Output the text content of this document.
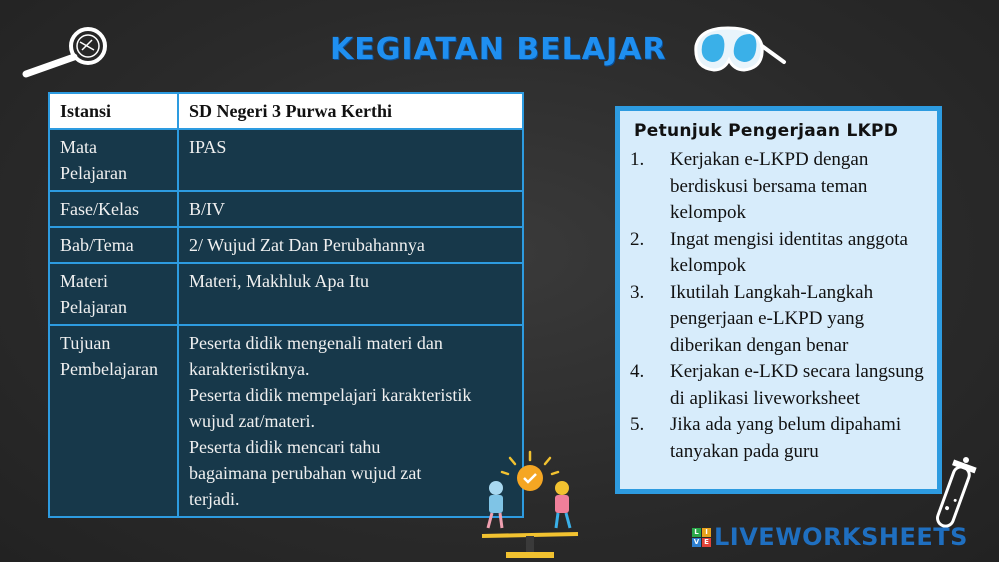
KEGIATAN BELAJAR
Istansi	SD Negeri 3 Purwa Kerthi
Mata Pelajaran	IPAS
Fase/Kelas	B/IV
Bab/Tema	2/ Wujud Zat Dan Perubahannya
Materi Pelajaran	Materi, Makhluk Apa Itu
Tujuan Pembelajaran	Peserta didik mengenali materi dan karakteristiknya.
Peserta didik mempelajari karakteristik wujud zat/materi.
Peserta didik mencari tahu bagaimana perubahan wujud zat terjadi.
Petunjuk Pengerjaan LKPD
1.	Kerjakan e-LKPD dengan berdiskusi bersama teman kelompok
2.	Ingat mengisi identitas anggota kelompok
3.	Ikutilah Langkah-Langkah pengerjaan e-LKPD yang diberikan dengan benar
4.	Kerjakan e-LKD secara langsung di aplikasi liveworksheet
5.	Jika ada yang belum dipahami tanyakan pada guru
L I
V E LIVEWORKSHEETS
